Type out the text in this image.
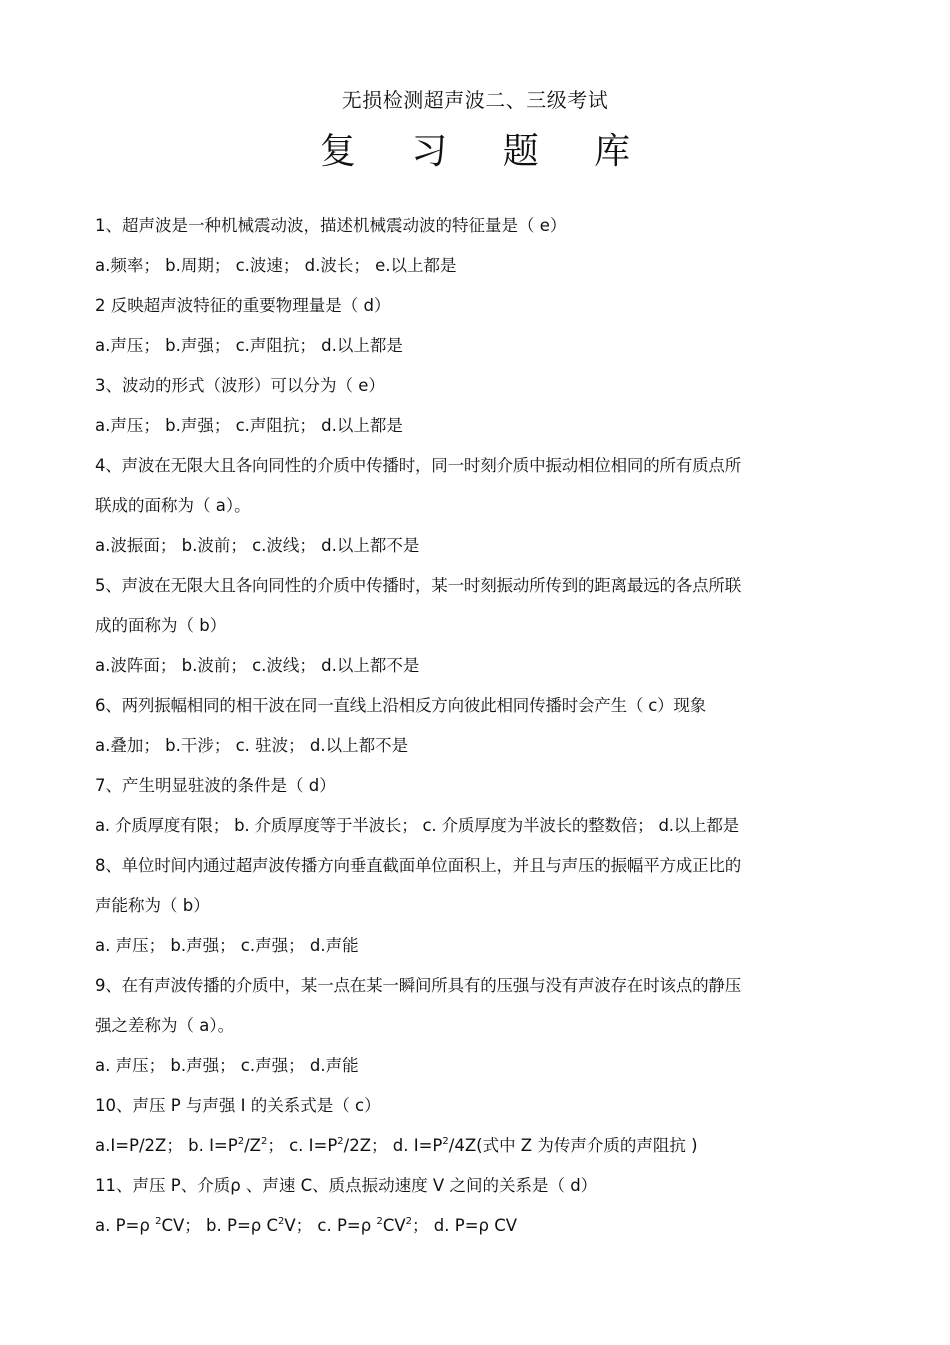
无损检测超声波二、三级考试
复 习 题 库
1、超声波是一种机械震动波，描述机械震动波的特征量是（ e）
a.频率； b.周期； c.波速； d.波长； e.以上都是
2 反映超声波特征的重要物理量是（ d）
a.声压； b.声强； c.声阻抗； d.以上都是
3、波动的形式（波形）可以分为（ e）
a.声压； b.声强； c.声阻抗； d.以上都是
4、声波在无限大且各向同性的介质中传播时，同一时刻介质中振动相位相同的所有质点所
联成的面称为（ a）。
a.波振面； b.波前； c.波线； d.以上都不是
5、声波在无限大且各向同性的介质中传播时，某一时刻振动所传到的距离最远的各点所联
成的面称为（ b）
a.波阵面； b.波前； c.波线； d.以上都不是
6、两列振幅相同的相干波在同一直线上沿相反方向彼此相同传播时会产生（ c）现象
a.叠加； b.干涉； c. 驻波； d.以上都不是
7、产生明显驻波的条件是（ d）
a. 介质厚度有限； b. 介质厚度等于半波长； c. 介质厚度为半波长的整数倍； d.以上都是
8、单位时间内通过超声波传播方向垂直截面单位面积上，并且与声压的振幅平方成正比的
声能称为（ b）
a. 声压； b.声强； c.声强； d.声能
9、在有声波传播的介质中，某一点在某一瞬间所具有的压强与没有声波存在时该点的静压
强之差称为（ a）。
a. 声压； b.声强； c.声强； d.声能
10、声压 P 与声强 I 的关系式是（ c）
a.I=P/2Z； b. $I=P^2/Z^2$； c. $I=P^2/2Z$； d. $I=P^2/4Z$(式中 Z 为传声介质的声阻抗 )
11、声压 P、介质ρ 、声速 C、质点振动速度 V 之间的关系是（ d）
a. P=ρ $^2$CV； b. P=ρ $C^2V$； c. P=ρ $^2CV^2$； d. P=ρ CV
